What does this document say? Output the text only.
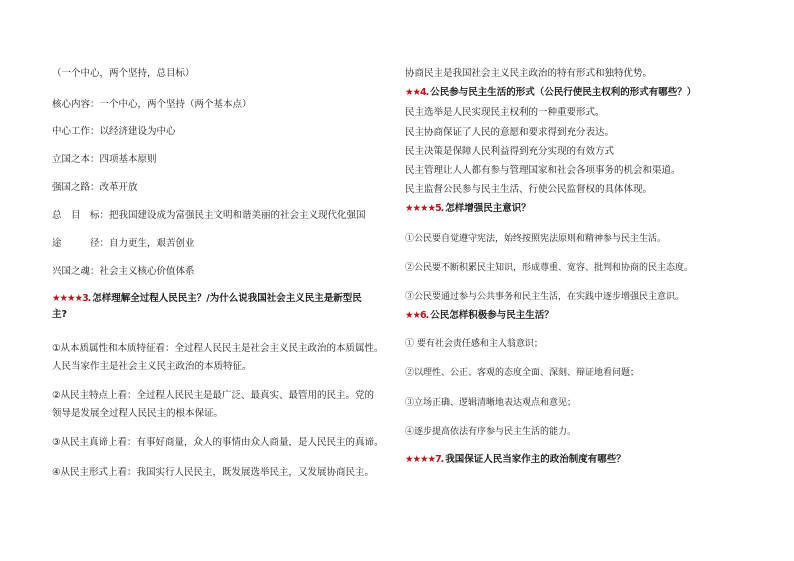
（一个中心，两个坚持，总目标）
核心内容：一个中心，两个坚持（两个基本点）
中心工作：以经济建设为中心
立国之本：四项基本原则
强国之路：改革开放
总　目　标：把我国建设成为富强民主文明和谐美丽的社会主义现代化强国
途　　　径：自力更生，艰苦创业
兴国之魂：社会主义核心价值体系
★★★★3. 怎样理解全过程人民民主？/为什么说我国社会主义民主是新型民
主?
①从本质属性和本质特征看：全过程人民民主是社会主义民主政治的本质属性。
人民当家作主是社会主义民主政治的本质特征。
②从民主特点上看：全过程人民民主是最广泛、最真实、最管用的民主。党的
领导是发展全过程人民民主的根本保证。
③从民主真谛上看：有事好商量，众人的事情由众人商量，是人民民主的真谛。
④从民主形式上看：我国实行人民民主，既发展选举民主，又发展协商民主。
协商民主是我国社会主义民主政治的特有形式和独特优势。
★★4. 公民参与民主生活的形式（公民行使民主权利的形式有哪些？）
民主选举是人民实现民主权利的一种重要形式。
民主协商保证了人民的意愿和要求得到充分表达。
民主决策是保障人民利益得到充分实现的有效方式
民主管理让人人都有参与管理国家和社会各项事务的机会和渠道。
民主监督公民参与民主生活、行使公民监督权的具体体现。
★★★★5. 怎样增强民主意识？
①公民要自觉遵守宪法，始终按照宪法原则和精神参与民主生活。
②公民要不断积累民主知识，形成尊重、宽容、批判和协商的民主态度。
③公民要通过参与公共事务和民主生活，在实践中逐步增强民主意识。
★★6. 公民怎样积极参与民主生活？
① 要有社会责任感和主人翁意识；
②以理性、公正、客观的态度全面、深刻、辩证地看问题；
③立场正确、逻辑清晰地表达观点和意见；
④逐步提高依法有序参与民主生活的能力。
★★★★7. 我国保证人民当家作主的政治制度有哪些？
